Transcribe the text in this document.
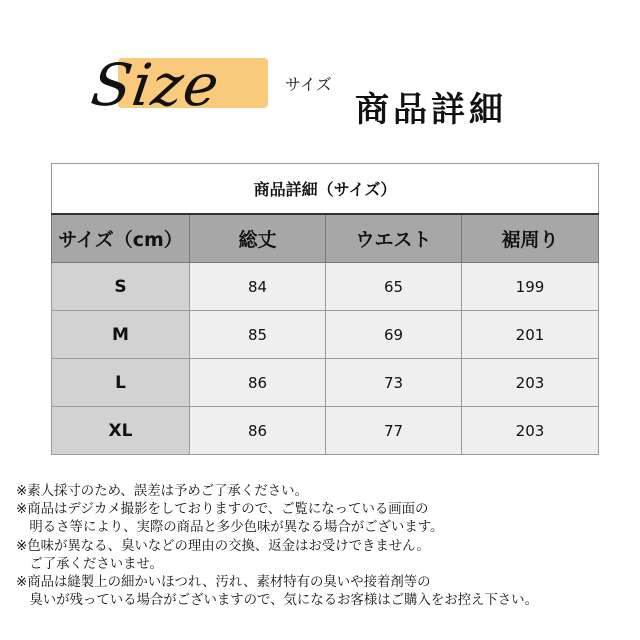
Size	サイズ
商品詳細
商品詳細（サイズ）			
サイズ（cm）	総丈	ウエスト	裾周り
S	84	65	199
M	85	69	201
L	86	73	203
XL	86	77	203
※素人採寸のため、誤差は予めご了承ください。
※商品はデジカメ撮影をしておりますので、ご覧になっている画面の
　明るさ等により、実際の商品と多少色味が異なる場合がございます。
※色味が異なる、臭いなどの理由の交換、返金はお受けできません。
　ご了承くださいませ。
※商品は縫製上の細かいほつれ、汚れ、素材特有の臭いや接着剤等の
　臭いが残っている場合がございますので、気になるお客様はご購入をお控え下さい。
